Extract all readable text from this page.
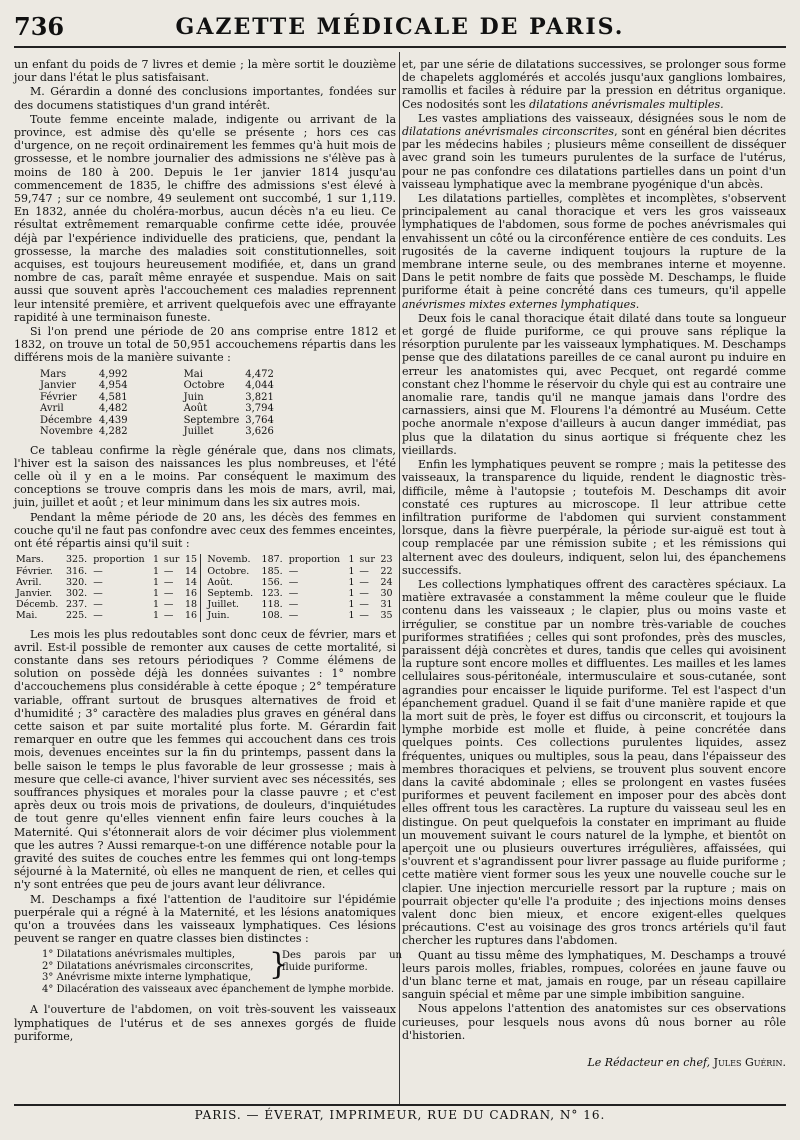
736	GAZETTE MÉDICALE DE PARIS.

un enfant du poids de 7 livres et demie ; la mère sortit le douzième jour dans l'état le plus satisfaisant.

M. Gérardin a donné des conclusions importantes, fondées sur des documens statistiques d'un grand intérêt.

Toute femme enceinte malade, indigente ou arrivant de la province, est admise dès qu'elle se présente ; hors ces cas d'urgence, on ne reçoit ordinairement les femmes qu'à huit mois de grossesse, et le nombre journalier des admissions ne s'élève pas à moins de 180 à 200. Depuis le 1er janvier 1814 jusqu'au commencement de 1835, le chiffre des admissions s'est élevé à 59,747 ; sur ce nombre, 49 seulement ont succombé, 1 sur 1,119. En 1832, année du choléra-morbus, aucun décès n'a eu lieu. Ce résultat extrêmement remarquable confirme cette idée, prouvée déjà par l'expérience individuelle des praticiens, que, pendant la grossesse, la marche des maladies soit constitutionnelles, soit acquises, est toujours heureusement modifiée, et, dans un grand nombre de cas, paraît même enrayée et suspendue. Mais on sait aussi que souvent après l'accouchement ces maladies reprennent leur intensité première, et arrivent quelquefois avec une effrayante rapidité à une terminaison funeste.

Si l'on prend une période de 20 ans comprise entre 1812 et 1832, on trouve un total de 50,951 accouchemens répartis dans les différens mois de la manière suivante :

Mars	4,992	Mai	4,472
Janvier	4,954	Octobre	4,044
Février	4,581	Juin	3,821
Avril	4,482	Août	3,794
Décembre	4,439	Septembre	3,764
Novembre	4,282	Juillet	3,626

Ce tableau confirme la règle générale que, dans nos climats, l'hiver est la saison des naissances les plus nombreuses, et l'été celle où il y en a le moins. Par conséquent le maximum des conceptions se trouve compris dans les mois de mars, avril, mai, juin, juillet et août ; et leur minimum dans les six autres mois.

Pendant la même période de 20 ans, les décès des femmes en couche qu'il ne faut pas confondre avec ceux des femmes enceintes, ont été répartis ainsi qu'il suit :

Mars.	325.	proportion	1	sur	15	Novemb.	187.	proportion	1	sur	23
Février.	316.	—	1	—	14	Octobre.	185.	—	1	—	22
Avril.	320.	—	1	—	14	Août.	156.	—	1	—	24
Janvier.	302.	—	1	—	16	Septemb.	123.	—	1	—	30
Décemb.	237.	—	1	—	18	Juillet.	118.	—	1	—	31
Mai.	225.	—	1	—	16	Juin.	108.	—	1	—	35

Les mois les plus redoutables sont donc ceux de février, mars et avril. Est-il possible de remonter aux causes de cette mortalité, si constante dans ses retours périodiques ? Comme élémens de solution on possède déjà les données suivantes : 1° nombre d'accouchemens plus considérable à cette époque ; 2° température variable, offrant surtout de brusques alternatives de froid et d'humidité ; 3° caractère des maladies plus graves en général dans cette saison et par suite mortalité plus forte. M. Gérardin fait remarquer en outre que les femmes qui accouchent dans ces trois mois, devenues enceintes sur la fin du printemps, passent dans la belle saison le temps le plus favorable de leur grossesse ; mais à mesure que celle-ci avance, l'hiver survient avec ses nécessités, ses souffrances physiques et morales pour la classe pauvre ; et c'est après deux ou trois mois de privations, de douleurs, d'inquiétudes de tout genre qu'elles viennent enfin faire leurs couches à la Maternité. Qui s'étonnerait alors de voir décimer plus violemment que les autres ? Aussi remarque-t-on une différence notable pour la gravité des suites de couches entre les femmes qui ont long-temps séjourné à la Maternité, où elles ne manquent de rien, et celles qui n'y sont entrées que peu de jours avant leur délivrance.

M. Deschamps a fixé l'attention de l'auditoire sur l'épidémie puerpérale qui a régné à la Maternité, et les lésions anatomiques qu'on a trouvées dans les vaisseaux lymphatiques. Ces lésions peuvent se ranger en quatre classes bien distinctes :

1° Dilatations anévrismales multiples,
2° Dilatations anévrismales circonscrites,
3° Anévrisme mixte interne lymphatique,
4° Dilacération des vaisseaux avec épanchement de lymphe morbide.
}
Des parois par un fluide puriforme.

A l'ouverture de l'abdomen, on voit très-souvent les vaisseaux lymphatiques de l'utérus et de ses annexes gorgés de fluide puriforme,

et, par une série de dilatations successives, se prolonger sous forme de chapelets agglomérés et accolés jusqu'aux ganglions lombaires, ramollis et faciles à réduire par la pression en détritus organique. Ces nodosités sont les dilatations anévrismales multiples.

Les vastes ampliations des vaisseaux, désignées sous le nom de dilatations anévrismales circonscrites, sont en général bien décrites par les médecins habiles ; plusieurs même conseillent de disséquer avec grand soin les tumeurs purulentes de la surface de l'utérus, pour ne pas confondre ces dilatations partielles dans un point d'un vaisseau lymphatique avec la membrane pyogénique d'un abcès.

Les dilatations partielles, complètes et incomplètes, s'observent principalement au canal thoracique et vers les gros vaisseaux lymphatiques de l'abdomen, sous forme de poches anévrismales qui envahissent un côté ou la circonférence entière de ces conduits. Les rugosités de la caverne indiquent toujours la rupture de la membrane interne seule, ou des membranes interne et moyenne. Dans le petit nombre de faits que possède M. Deschamps, le fluide puriforme était à peine concrété dans ces tumeurs, qu'il appelle anévrismes mixtes externes lymphatiques.

Deux fois le canal thoracique était dilaté dans toute sa longueur et gorgé de fluide puriforme, ce qui prouve sans réplique la résorption purulente par les vaisseaux lymphatiques. M. Deschamps pense que des dilatations pareilles de ce canal auront pu induire en erreur les anatomistes qui, avec Pecquet, ont regardé comme constant chez l'homme le réservoir du chyle qui est au contraire une anomalie rare, tandis qu'il ne manque jamais dans l'ordre des carnassiers, ainsi que M. Flourens l'a démontré au Muséum. Cette poche anormale n'expose d'ailleurs à aucun danger immédiat, pas plus que la dilatation du sinus aortique si fréquente chez les vieillards.

Enfin les lymphatiques peuvent se rompre ; mais la petitesse des vaisseaux, la transparence du liquide, rendent le diagnostic très-difficile, même à l'autopsie ; toutefois M. Deschamps dit avoir constaté ces ruptures au microscope. Il leur attribue cette infiltration puriforme de l'abdomen qui survient constamment lorsque, dans la fièvre puerpérale, la période sur-aiguë est tout à coup remplacée par une rémission subite ; et les rémissions qui alternent avec des douleurs, indiquent, selon lui, des épanchemens successifs.

Les collections lymphatiques offrent des caractères spéciaux. La matière extravasée a constamment la même couleur que le fluide contenu dans les vaisseaux ; le clapier, plus ou moins vaste et irrégulier, se constitue par un nombre très-variable de couches puriformes stratifiées ; celles qui sont profondes, près des muscles, paraissent déjà concrètes et dures, tandis que celles qui avoisinent la rupture sont encore molles et diffluentes. Les mailles et les lames cellulaires sous-péritonéale, intermusculaire et sous-cutanée, sont agrandies pour encaisser le liquide puriforme. Tel est l'aspect d'un épanchement graduel. Quand il se fait d'une manière rapide et que la mort suit de près, le foyer est diffus ou circonscrit, et toujours la lymphe morbide est molle et fluide, à peine concrétée dans quelques points. Ces collections purulentes liquides, assez fréquentes, uniques ou multiples, sous la peau, dans l'épaisseur des membres thoraciques et pelviens, se trouvent plus souvent encore dans la cavité abdominale ; elles se prolongent en vastes fusées puriformes et peuvent facilement en imposer pour des abcès dont elles offrent tous les caractères. La rupture du vaisseau seul les en distingue. On peut quelquefois la constater en imprimant au fluide un mouvement suivant le cours naturel de la lymphe, et bientôt on aperçoit une ou plusieurs ouvertures irrégulières, affaissées, qui s'ouvrent et s'agrandissent pour livrer passage au fluide puriforme ; cette matière vient former sous les yeux une nouvelle couche sur le clapier. Une injection mercurielle ressort par la rupture ; mais on pourrait objecter qu'elle l'a produite ; des injections moins denses valent donc bien mieux, et encore exigent-elles quelques précautions. C'est au voisinage des gros troncs artériels qu'il faut chercher les ruptures dans l'abdomen.

Quant au tissu même des lymphatiques, M. Deschamps a trouvé leurs parois molles, friables, rompues, colorées en jaune fauve ou d'un blanc terne et mat, jamais en rouge, par un réseau capillaire sanguin spécial et même par une simple imbibition sanguine.

Nous appelons l'attention des anatomistes sur ces observations curieuses, pour lesquels nous avons dû nous borner au rôle d'historien.

Le Rédacteur en chef, Jules Guérin.
PARIS. — ÉVERAT, IMPRIMEUR, RUE DU CADRAN, N° 16.
